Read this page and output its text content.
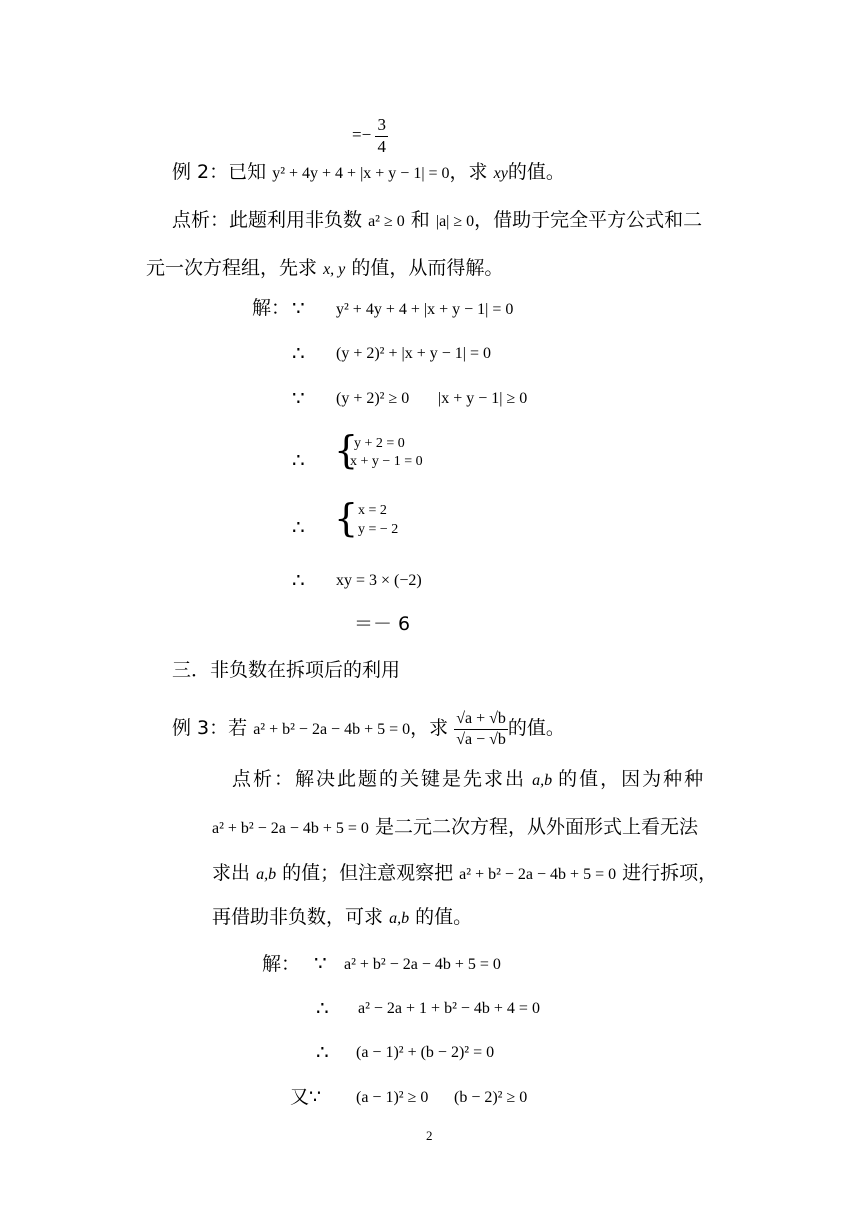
=− $\frac{3}{4}$
例 2：已知 y² + 4y + 4 + |x + y − 1| = 0，求 xy的值。
点析：此题利用非负数 a² ≥ 0 和 |a| ≥ 0，借助于完全平方公式和二
元一次方程组，先求 x, y 的值，从而得解。
解： ∵ y² + 4y + 4 + |x + y − 1| = 0
∴ (y + 2)² + |x + y − 1| = 0
∵ (y + 2)² ≥ 0 |x + y − 1| ≥ 0
∴ {
y + 2 = 0
x + y − 1 = 0
∴ { x = 2
y = − 2
∴ xy = 3 × (−2)
＝－ 6
三．非负数在拆项后的利用
例 3：若 a² + b² − 2a − 4b + 5 = 0，求 $\frac{√a + √b}{√a - √b}$ 的值。
点析：解决此题的关键是先求出 a,b 的值，因为种种
a² + b² − 2a − 4b + 5 = 0 是二元二次方程，从外面形式上看无法
求出 a,b 的值；但注意观察把 a² + b² − 2a − 4b + 5 = 0 进行拆项，
再借助非负数，可求 a,b 的值。
解： ∵ a² + b² − 2a − 4b + 5 = 0
∴ a² − 2a + 1 + b² − 4b + 4 = 0
∴ (a − 1)² + (b − 2)² = 0
又∵ (a − 1)² ≥ 0 (b − 2)² ≥ 0
2
